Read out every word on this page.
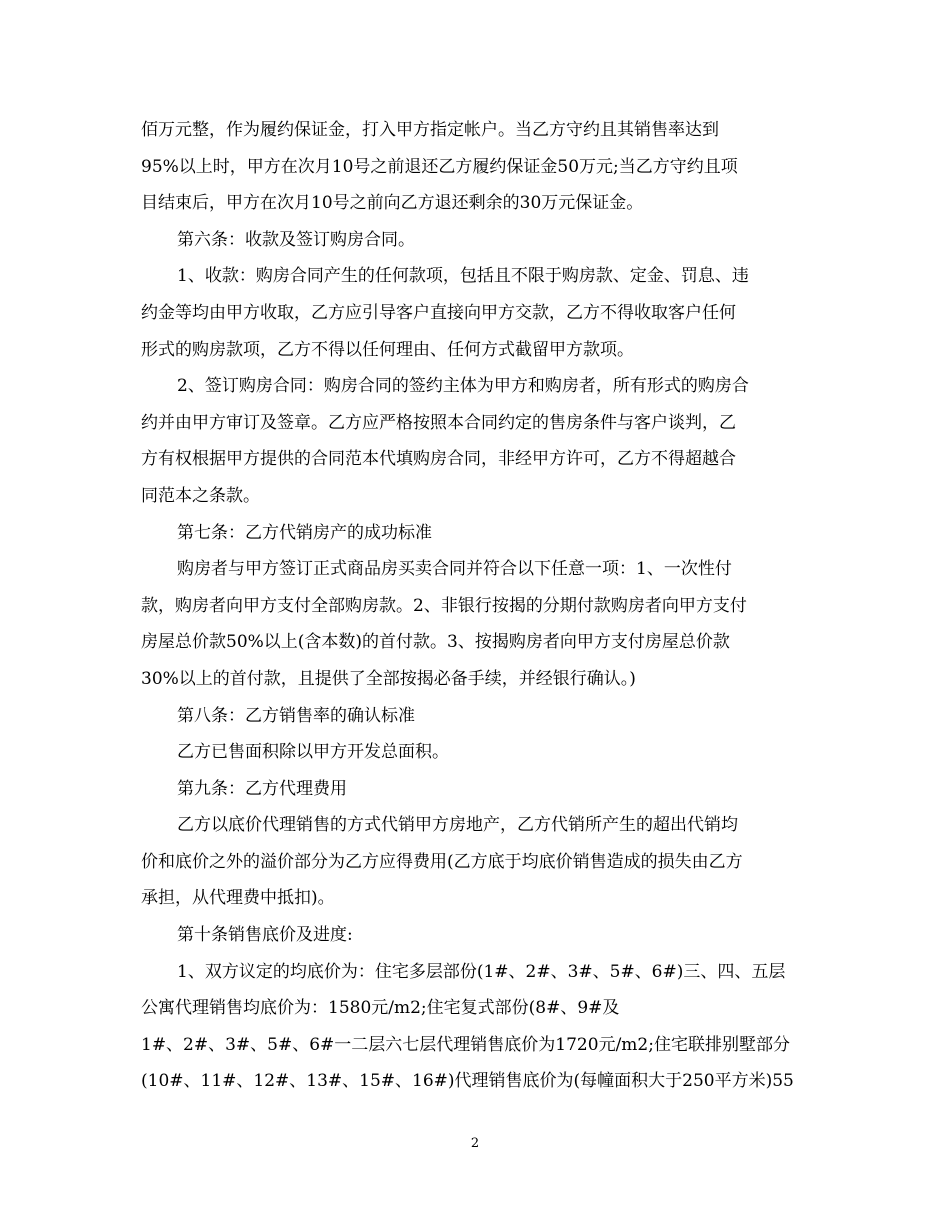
佰万元整，作为履约保证金，打入甲方指定帐户。当乙方守约且其销售率达到
95%以上时，甲方在次月10号之前退还乙方履约保证金50万元;当乙方守约且项
目结束后，甲方在次月10号之前向乙方退还剩余的30万元保证金。
第六条：收款及签订购房合同。
1、收款：购房合同产生的任何款项，包括且不限于购房款、定金、罚息、违
约金等均由甲方收取，乙方应引导客户直接向甲方交款，乙方不得收取客户任何
形式的购房款项，乙方不得以任何理由、任何方式截留甲方款项。
2、签订购房合同：购房合同的签约主体为甲方和购房者，所有形式的购房合
约并由甲方审订及签章。乙方应严格按照本合同约定的售房条件与客户谈判，乙
方有权根据甲方提供的合同范本代填购房合同，非经甲方许可，乙方不得超越合
同范本之条款。
第七条：乙方代销房产的成功标准
购房者与甲方签订正式商品房买卖合同并符合以下任意一项：1、一次性付
款，购房者向甲方支付全部购房款。2、非银行按揭的分期付款购房者向甲方支付
房屋总价款50%以上(含本数)的首付款。3、按揭购房者向甲方支付房屋总价款
30%以上的首付款，且提供了全部按揭必备手续，并经银行确认。)
第八条：乙方销售率的确认标准
乙方已售面积除以甲方开发总面积。
第九条：乙方代理费用
乙方以底价代理销售的方式代销甲方房地产，乙方代销所产生的超出代销均
价和底价之外的溢价部分为乙方应得费用(乙方底于均底价销售造成的损失由乙方
承担，从代理费中抵扣)。
第十条销售底价及进度:
1、双方议定的均底价为：住宅多层部份(1#、2#、3#、5#、6#)三、四、五层
公寓代理销售均底价为：1580元/m2;住宅复式部份(8#、9#及
1#、2#、3#、5#、6#一二层六七层代理销售底价为1720元/m2;住宅联排别墅部分
(10#、11#、12#、13#、15#、16#)代理销售底价为(每幢面积大于250平方米)55
2
